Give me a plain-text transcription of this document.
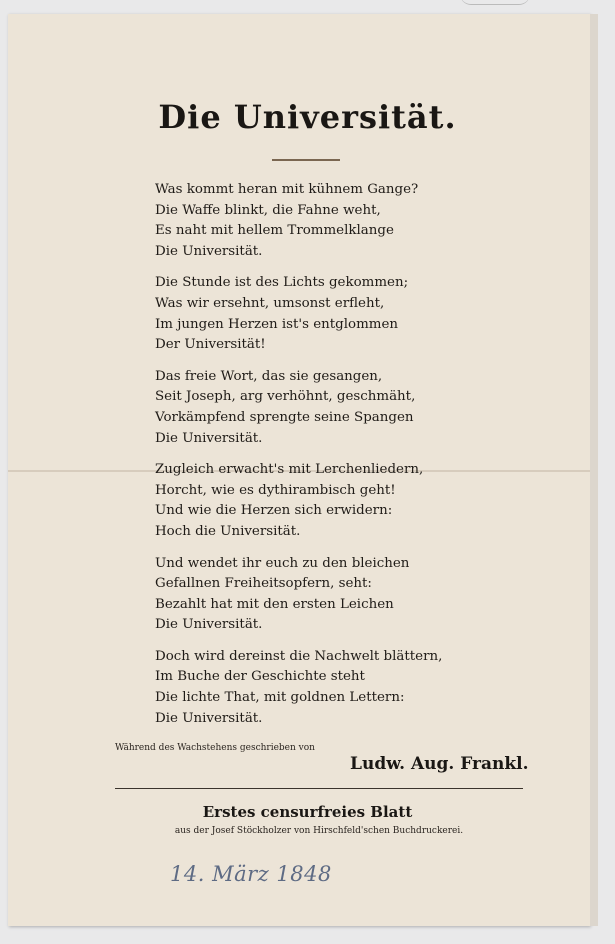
Die Universität.
Was kommt heran mit kühnem Gange?
Die Waffe blinkt, die Fahne weht,
Es naht mit hellem Trommelklange
Die Universität.
Die Stunde ist des Lichts gekommen;
Was wir ersehnt, umsonst erfleht,
Im jungen Herzen ist's entglommen
Der Universität!
Das freie Wort, das sie gesangen,
Seit Joseph, arg verhöhnt, geschmäht,
Vorkämpfend sprengte seine Spangen
Die Universität.
Zugleich erwacht's mit Lerchenliedern,
Horcht, wie es dythirambisch geht!
Und wie die Herzen sich erwidern:
Hoch die Universität.
Und wendet ihr euch zu den bleichen
Gefallnen Freiheitsopfern, seht:
Bezahlt hat mit den ersten Leichen
Die Universität.
Doch wird dereinst die Nachwelt blättern,
Im Buche der Geschichte steht
Die lichte That, mit goldnen Lettern:
Die Universität.
Während des Wachstehens geschrieben von
Ludw. Aug. Frankl.
Erstes censurfreies Blatt
aus der Josef Stöckholzer von Hirschfeld'schen Buchdruckerei.
14. März 1848
